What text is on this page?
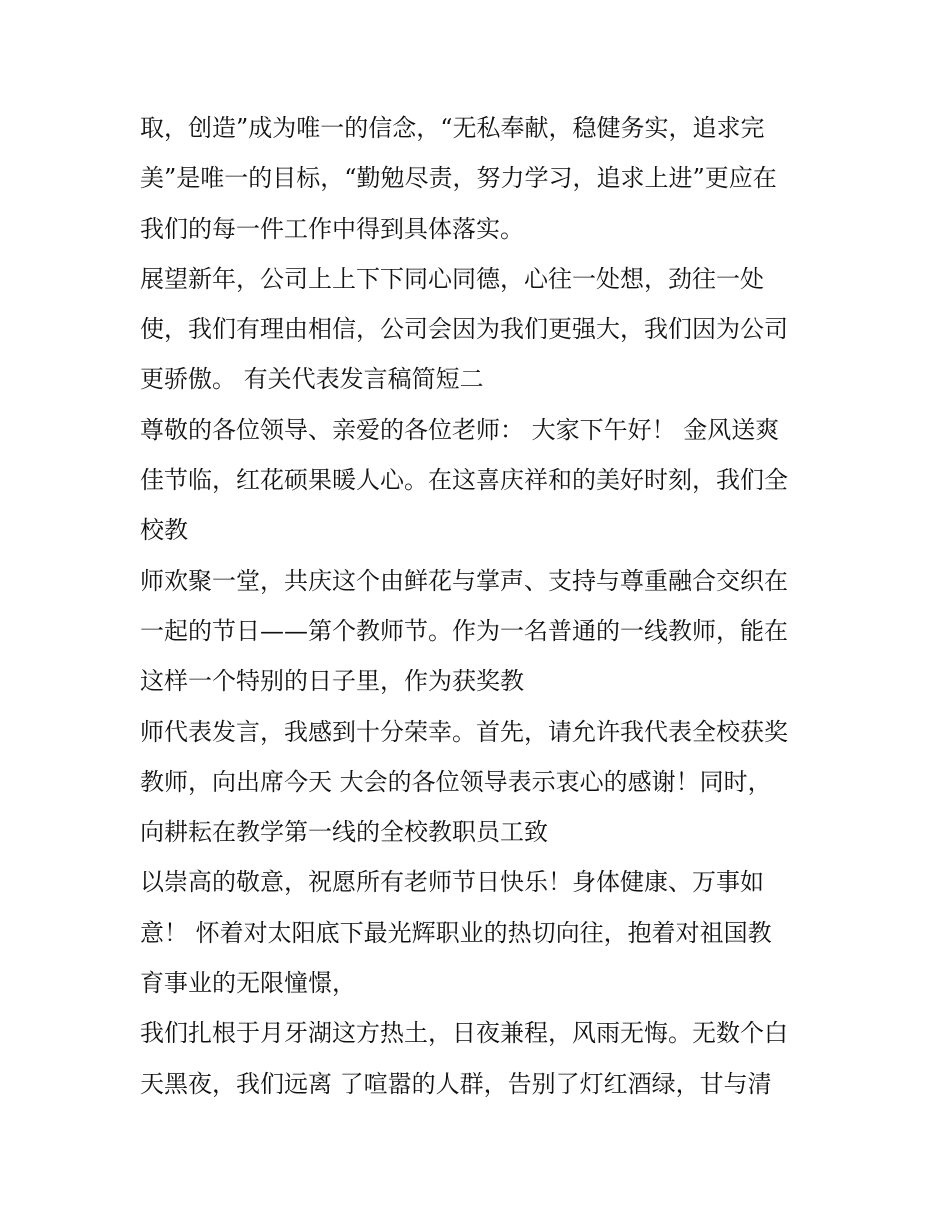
取，创造”成为唯一的信念，“无私奉献，稳健务实，追求完
美”是唯一的目标，“勤勉尽责，努力学习，追求上进”更应在
我们的每一件工作中得到具体落实。
展望新年，公司上上下下同心同德，心往一处想，劲往一处
使，我们有理由相信，公司会因为我们更强大，我们因为公司
更骄傲。 有关代表发言稿简短二
尊敬的各位领导、亲爱的各位老师： 大家下午好！ 金风送爽
佳节临，红花硕果暖人心。在这喜庆祥和的美好时刻，我们全
校教
师欢聚一堂，共庆这个由鲜花与掌声、支持与尊重融合交织在
一起的节日——第个教师节。作为一名普通的一线教师，能在
这样一个特别的日子里，作为获奖教
师代表发言，我感到十分荣幸。首先，请允许我代表全校获奖
教师，向出席今天 大会的各位领导表示衷心的感谢！同时，
向耕耘在教学第一线的全校教职员工致
以崇高的敬意，祝愿所有老师节日快乐！身体健康、万事如
意！ 怀着对太阳底下最光辉职业的热切向往，抱着对祖国教
育事业的无限憧憬，
我们扎根于月牙湖这方热土，日夜兼程，风雨无悔。无数个白
天黑夜，我们远离 了喧嚣的人群，告别了灯红酒绿，甘与清
